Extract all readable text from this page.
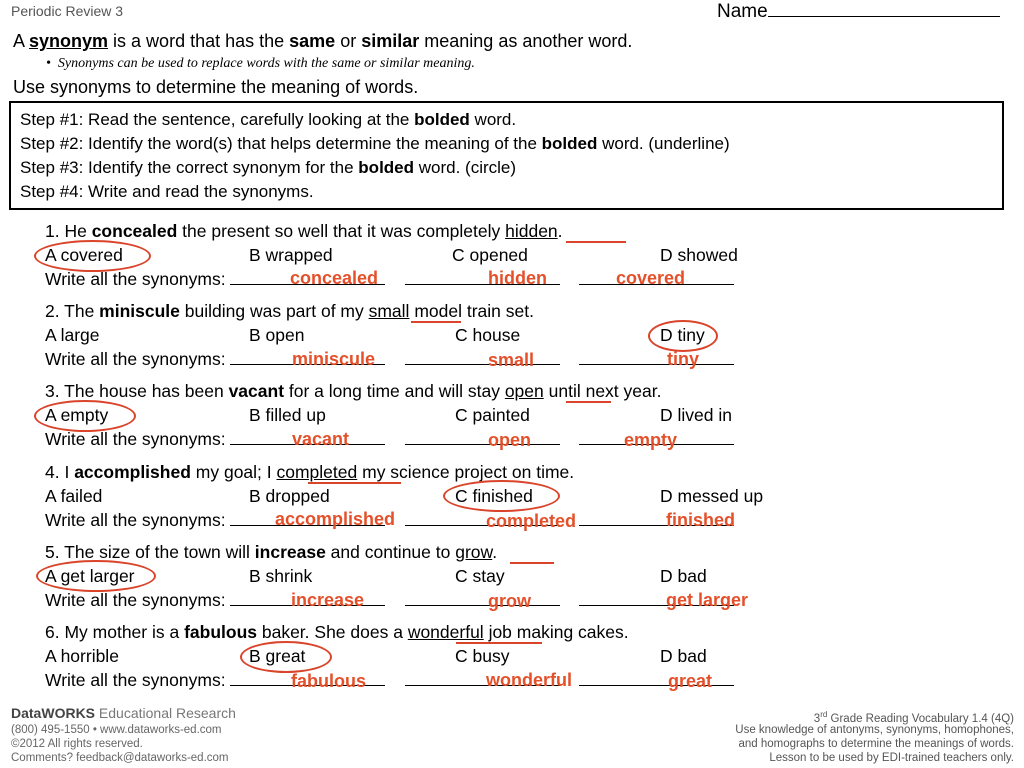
Periodic Review 3	Name
A synonym is a word that has the same or similar meaning as another word.
•  Synonyms can be used to replace words with the same or similar meaning.
Use synonyms to determine the meaning of words.
Step #1: Read the sentence, carefully looking at the bolded word.
Step #2: Identify the word(s) that helps determine the meaning of the bolded word. (underline)
Step #3: Identify the correct synonym for the bolded word. (circle)
Step #4: Write and read the synonyms.
1. He concealed the present so well that it was completely hidden.
A covered	B wrapped	C opened	D showed
Write all the synonyms:	concealed	hidden	covered
2. The miniscule building was part of my small model train set.
A large	B open	C house	D tiny
Write all the synonyms:	miniscule	small	tiny
3. The house has been vacant for a long time and will stay open until next year.
A empty	B filled up	C painted	D lived in
Write all the synonyms:	vacant	open	empty
4. I accomplished my goal; I completed my science project on time.
A failed	B dropped	C finished	D messed up
Write all the synonyms:	accomplished	completed	finished
5. The size of the town will increase and continue to grow.
A get larger	B shrink	C stay	D bad
Write all the synonyms:	increase	grow	get larger
6. My mother is a fabulous baker. She does a wonderful job making cakes.
A horrible	B great	C busy	D bad
Write all the synonyms:	fabulous	wonderful	great
DataWORKS Educational Research
(800) 495-1550 • www.dataworks-ed.com
©2012 All rights reserved.
Comments? feedback@dataworks-ed.com
3rd Grade Reading Vocabulary 1.4 (4Q)
Use knowledge of antonyms, synonyms, homophones,
and homographs to determine the meanings of words.
Lesson to be used by EDI-trained teachers only.
